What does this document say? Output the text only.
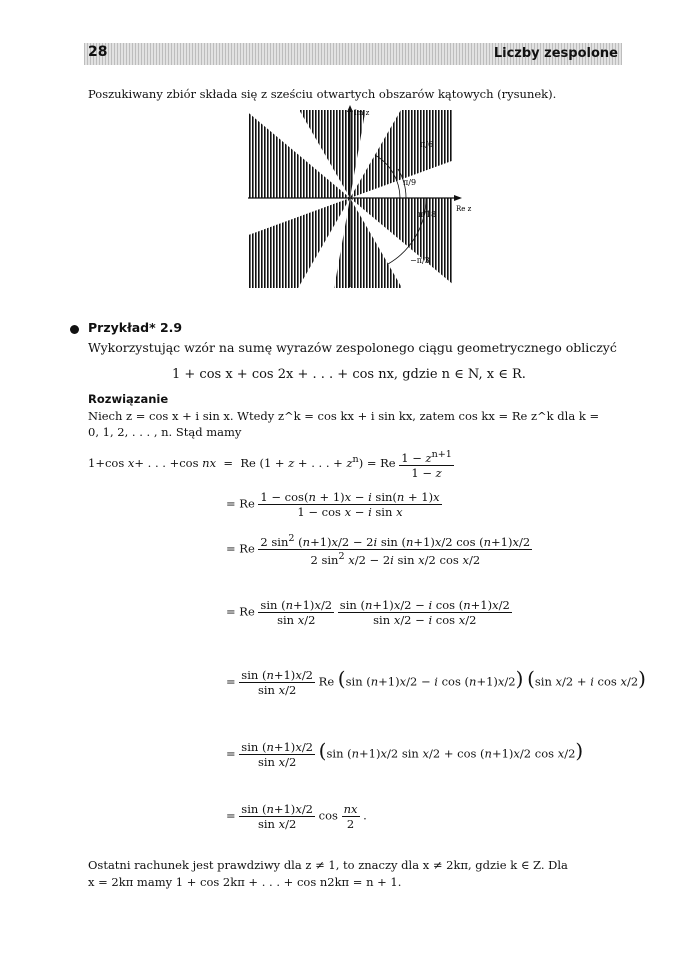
28	Liczby zespolone
Poszukiwany zbiór składa się z sześciu otwartych obszarów kątowych (rysunek).
Im z
Re z
π/6
π/9
π/18
−π/3
Przykład* 2.9
Wykorzystując wzór na sumę wyrazów zespolonego ciągu geometrycznego obliczyć
1 + cos x + cos 2x + . . . + cos nx, gdzie n ∈ N, x ∈ R.
Rozwiązanie
Niech z = cos x + i sin x. Wtedy z^k = cos kx + i sin kx, zatem cos kx = Re z^k dla k =
0, 1, 2, . . . , n. Stąd mamy
1+cos x+ . . . +cos nx  =  Re (1 + z + . . . + $z^n) = Re \frac{1 - z^{n+1}}{1 - z}$
= Re $\frac{\text{1 − cos(n + 1)x − i sin(n + 1)x}}{\text{1 − cos x − i sin x}}$
= Re $\frac{2 \sin^2 (n+1)x/2 - 2i \sin (n+1)x/2 \cos (n+1)x/2}{2 \sin^2 x/2 - 2i \sin x/2 \cos x/2}$
= Re $\frac{\sin (n+1)x/2}{\text{sin x/2}}$
$\frac{\text{sin (n+1)x/2 − i cos (n+1)x/2}}{\text{sin x/2 − i cos x/2}}$
= $\frac{\sin (n+1)x/2}{\text{sin x/2}}$ Re (sin (n+1)x/2 − i cos (n+1)x/2) (sin x/2 + i cos x/2)
= $\frac{\sin (n+1)x/2}{\text{sin x/2}} (\sin$ (n+1)x/2 sin x/2 + cos (n+1)x/2 cos x/2)
= $\frac{\sin (n+1)x/2}{\text{sin x/2}}$ $\cos \frac{nx}{2}$ .
Ostatni rachunek jest prawdziwy dla z ≠ 1, to znaczy dla x ≠ 2kπ, gdzie k ∈ Z. Dla
x = 2kπ mamy 1 + cos 2kπ + . . . + cos n2kπ = n + 1.
